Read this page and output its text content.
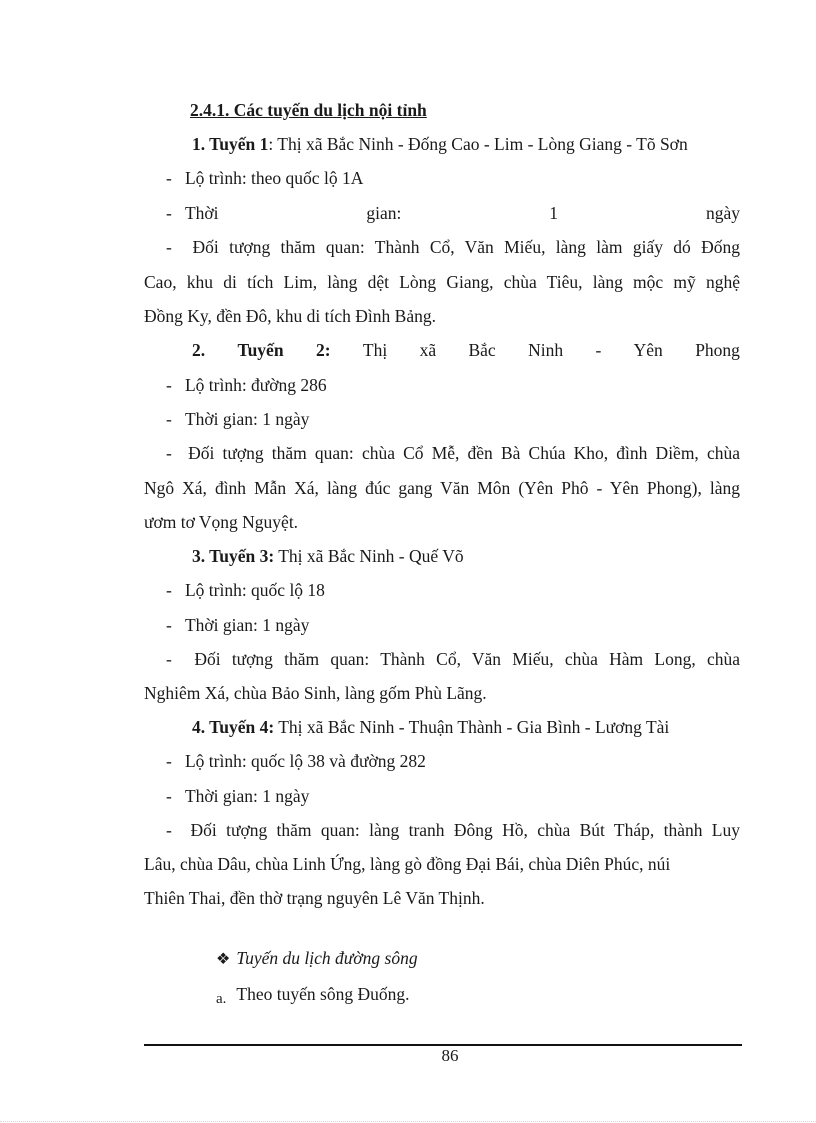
2.4.1. Các tuyến du lịch nội tỉnh
1. Tuyến 1: Thị xã Bắc Ninh - Đống Cao - Lim - Lòng Giang - Tõ Sơn
- Lộ trình: theo quốc lộ 1A
- Thời	gian:	1	ngày
- Đối tượng thăm quan: Thành Cổ, Văn Miếu, làng làm giấy dó Đống
Cao, khu di tích Lim, làng dệt Lòng Giang, chùa Tiêu, làng mộc mỹ nghệ
Đồng Ky, đền Đô, khu di tích Đình Bảng.
2. Tuyến 2: Thị xã Bắc Ninh - Yên Phong
- Lộ trình: đường 286
- Thời gian: 1 ngày
- Đối tượng thăm quan: chùa Cổ Mễ, đền Bà Chúa Kho, đình Diềm, chùa
Ngô Xá, đình Mẫn Xá, làng đúc gang Văn Môn (Yên Phô - Yên Phong), làng
ươm tơ Vọng Nguyệt.
3. Tuyến 3: Thị xã Bắc Ninh - Quế Võ
- Lộ trình: quốc lộ 18
- Thời gian: 1 ngày
- Đối tượng thăm quan: Thành Cổ, Văn Miếu, chùa Hàm Long, chùa
Nghiêm Xá, chùa Bảo Sinh, làng gốm Phù Lãng.
4. Tuyến 4: Thị xã Bắc Ninh - Thuận Thành - Gia Bình - Lương Tài
- Lộ trình: quốc lộ 38 và đường 282
- Thời gian: 1 ngày
- Đối tượng thăm quan: làng tranh Đông Hồ, chùa Bút Tháp, thành Luy
Lâu, chùa Dâu, chùa Linh Ứng, làng gò đồng Đại Bái, chùa Diên Phúc, núi
Thiên Thai, đền thờ trạng nguyên Lê Văn Thịnh.
❖ Tuyến du lịch đường sông
a. Theo tuyến sông Đuống.
86
